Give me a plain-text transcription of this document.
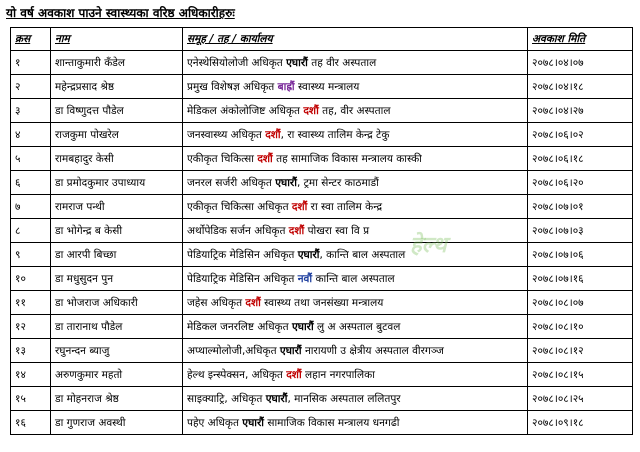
यो वर्ष अवकाश पाउने स्वास्थ्यका वरिष्ठ अधिकारीहरुः
क्रस	नाम	समूह / तह / कार्यालय	अवकाश मिति
१	शान्ताकुमारी कँडेल	एनेस्थेसियोलोजी अधिकृत एघारौं तह वीर अस्पताल	२०७८।०४।०७
२	महेन्द्रप्रसाद श्रेष्ठ	प्रमुख विशेषज्ञ अधिकृत बाह्रौं स्वास्थ्य मन्त्रालय	२०७८।०४।१८
३	डा विष्णुदत्त पौडेल	मेडिकल अंकोलोजिष्ट अधिकृत दशौं तह, वीर अस्पताल	२०७८।०४।२७
४	राजकुमा पोखरेल	जनस्वास्थ्य अधिकृत दशौं, रा स्वास्थ्य तालिम केन्द्र टेकु	२०७८।०६।०२
५	रामबहादुर केसी	एकीकृत चिकित्सा दशौं तह सामाजिक विकास मन्त्रालय कास्की	२०७८।०६।१८
६	डा प्रमोदकुमार उपाध्याय	जनरल सर्जरी अधिकृत एघारौं, ट्रमा सेन्टर काठमाडौं	२०७८।०६।२०
७	रामराज पन्थी	एकीकृत चिकित्सा अधिकृत दशौं रा स्वा तालिम केन्द्र	२०७८।०७।०१
८	डा भोगेन्द्र ब केसी	अर्थोपेडिक सर्जन अधिकृत दशौं पोखरा स्वा वि प्र	२०७८।०७।०३
९	डा आरपी बिच्छा	पेडियाट्रिक मेडिसिन अधिकृत एघारौं, कान्ति बाल अस्पताल	२०७८।०७।०६
१०	डा मधुसुदन पुन	पेडियाट्रिक मेडिसिन अधिकृत नवौं कान्ति बाल अस्पताल	२०७८।०७।१६
११	डा भोजराज अधिकारी	जहेस अधिकृत दशौं स्वास्थ्य तथा जनसंख्या मन्त्रालय	२०७८।०८।०७
१२	डा तारानाथ पौडेल	मेडिकल जनरलिष्ट अधिकृत एघारौं लु अ अस्पताल बुटवल	२०७८।०८।१०
१३	रघुनन्दन ब्याजु	अप्थाल्मोलोजी,अधिकृत एघारौं नारायणी उ क्षेत्रीय अस्पताल वीरगञ्ज	२०७८।०८।१२
१४	अरुणकुमार महतो	हेल्थ इन्स्पेक्सन, अधिकृत दशौं लहान नगरपालिका	२०७८।०८।१५
१५	डा मोहनराज श्रेष्ठ	साइक्याट्रि, अधिकृत एघारौं, मानसिक अस्पताल ललितपुर	२०७८।०८।२५
१६	डा गुणराज अवस्थी	पहेए अधिकृत एघारौं सामाजिक विकास मन्त्रालय धनगढी	२०७८।०९।१८
हेल्थ
